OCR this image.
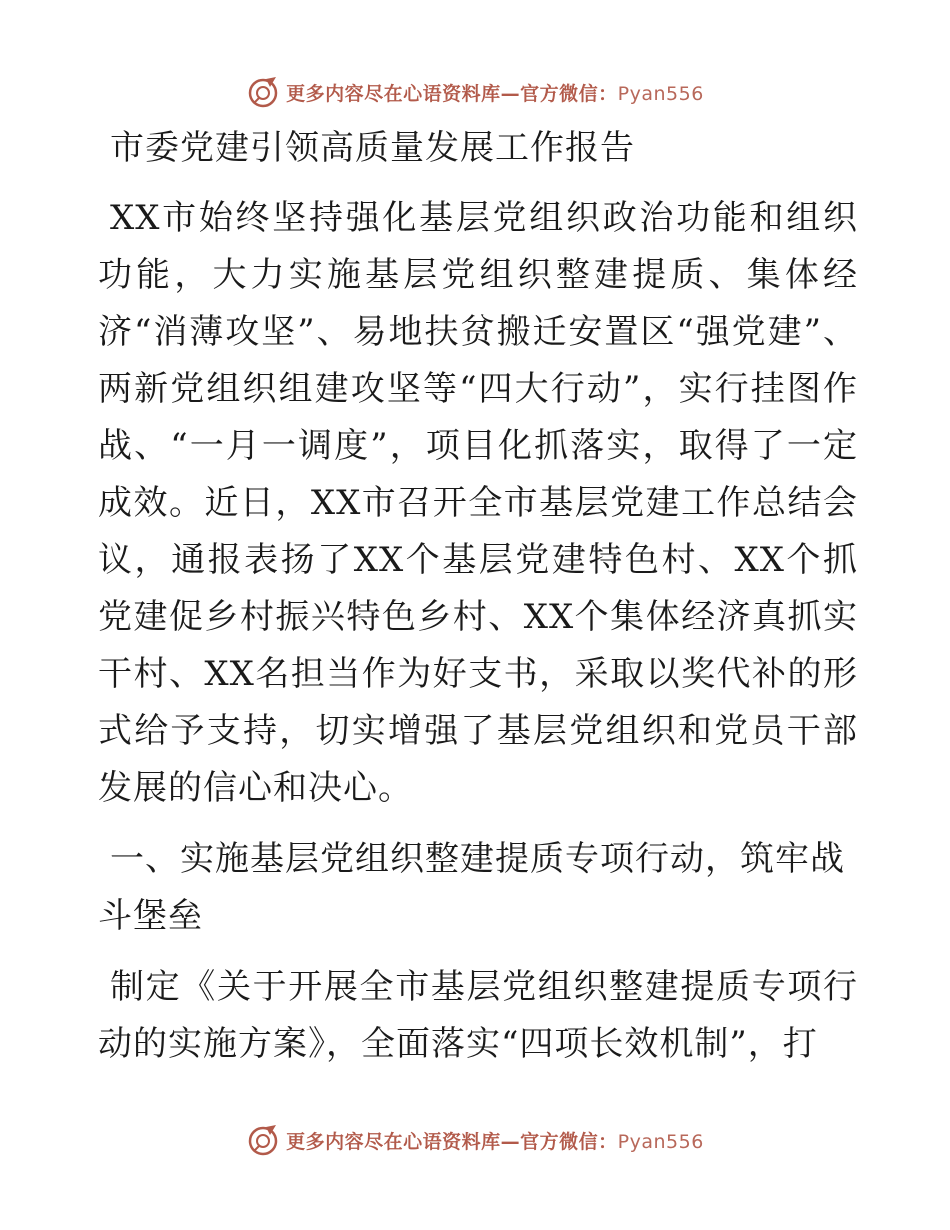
更多内容尽在心语资料库—官方微信：Pyan556
市委党建引领高质量发展工作报告

XX市始终坚持强化基层党组织政治功能和组织功能，大力实施基层党组织整建提质、集体经济“消薄攻坚”、易地扶贫搬迁安置区“强党建”、两新党组织组建攻坚等“四大行动”，实行挂图作战、“一月一调度”，项目化抓落实，取得了一定成效。近日，XX市召开全市基层党建工作总结会议，通报表扬了XX个基层党建特色村、XX个抓党建促乡村振兴特色乡村、XX个集体经济真抓实干村、XX名担当作为好支书，采取以奖代补的形式给予支持，切实增强了基层党组织和党员干部发展的信心和决心。

一、实施基层党组织整建提质专项行动，筑牢战斗堡垒

制定《关于开展全市基层党组织整建提质专项行动的实施方案》，全面落实“四项长效机制”，打

更多内容尽在心语资料库—官方微信：Pyan556
